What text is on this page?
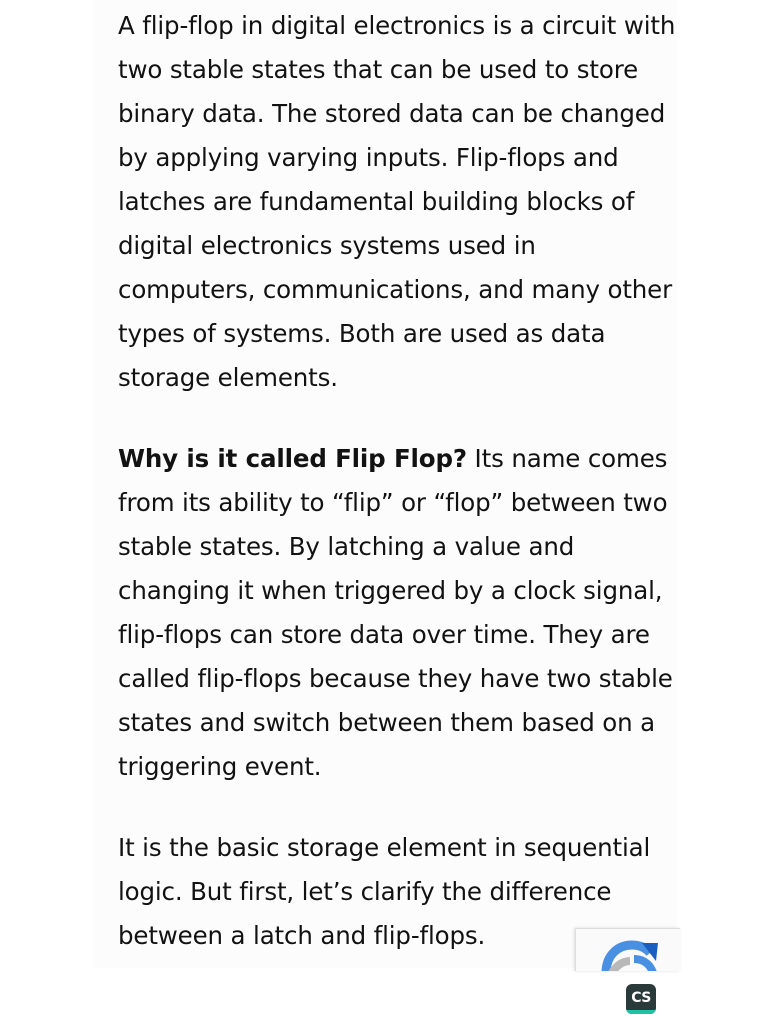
A flip-flop in digital electronics is a circuit with
two stable states that can be used to store
binary data. The stored data can be changed
by applying varying inputs. Flip-flops and
latches are fundamental building blocks of
digital electronics systems used in
computers, communications, and many other
types of systems. Both are used as data
storage elements.

Why is it called Flip Flop? Its name comes
from its ability to “flip” or “flop” between two
stable states. By latching a value and
changing it when triggered by a clock signal,
flip-flops can store data over time. They are
called flip-flops because they have two stable
states and switch between them based on a
triggering event.

It is the basic storage element in sequential
logic. But first, let’s clarify the difference
between a latch and flip-flops.

CS
